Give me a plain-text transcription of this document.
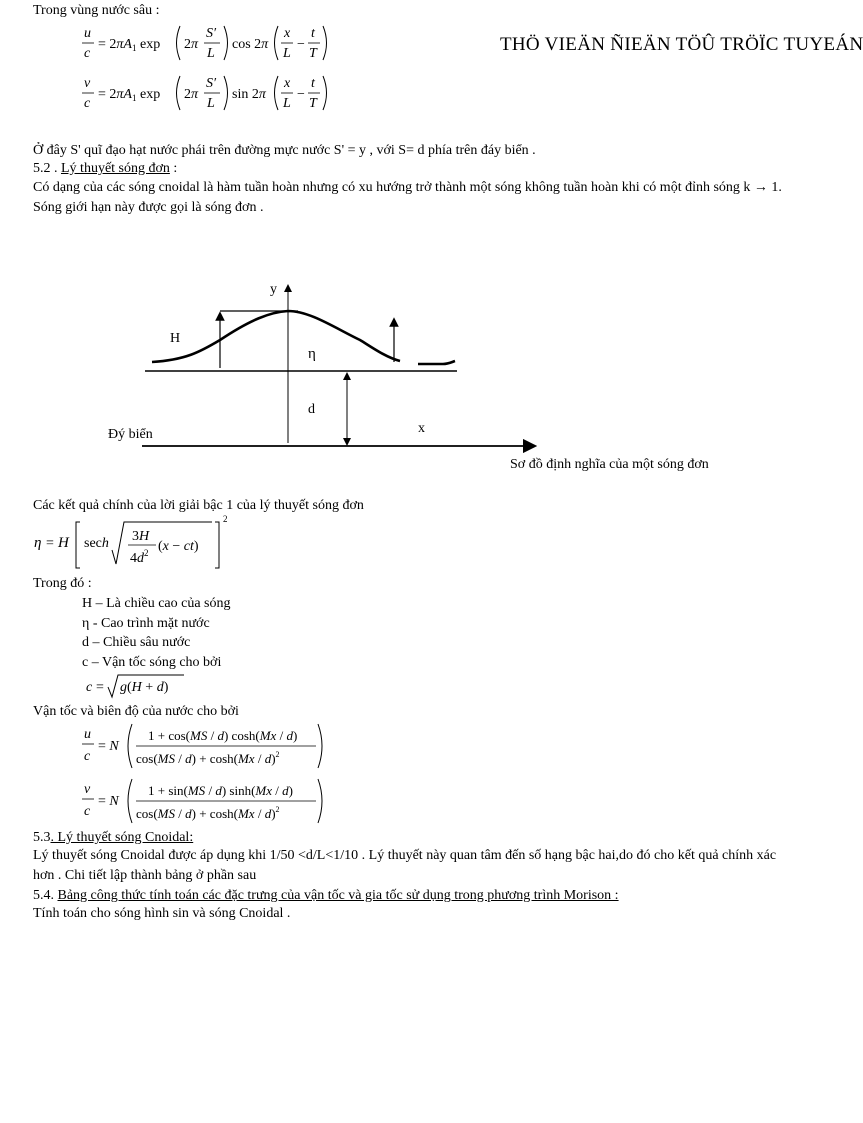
Trong vùng nước sâu :
THÖ VIEÄN ÑIEÄN TÖÛ TRÖÏC TUYEÁN
u
c
= $2\pi A_1$ exp 2π
S′
L
cos 2π
x
L
−
t
T
v
c
= $2\pi A_1$ exp 2π
S′
L
sin 2π
x
L
−
t
T
Ở đây S' quĩ đạo hạt nước phái trên đường mực nước S' = y , với S= d phía trên đáy biển .
5.2 . Lý thuyết sóng đơn :
Có dạng của các sóng cnoidal là hàm tuần hoàn nhưng có xu hướng trở thành một sóng không tuần hoàn khi có một đỉnh sóng k → 1. Sóng giới hạn này được gọi là sóng đơn .
y
H
η
d
x
Đý biển
Sơ đồ định nghĩa của một sóng đơn
Các kết quả chính của lời giải bậc 1 của lý thuyết sóng đơn
η = H sech 3H
$4d^2$ (x − ct)
2
Trong đó :
H – Là chiều cao của sóng
η - Cao trình mặt nước
d – Chiều sâu nước
c – Vận tốc sóng cho bởi
c = g(H + d)
Vận tốc và biên độ của nước cho bởi
u
c
= N
1 + cos(MS / d) cosh(Mx / d)
cos(MS / d) + cosh(Mx / d)$^2$
v
c
= N
1 + sin(MS / d) sinh(Mx / d)
cos(MS / d) + cosh(Mx / d)$^2$
5.3. Lý thuyết sóng Cnoidal:
Lý thuyết sóng Cnoidal được áp dụng khi 1/50 <d/L<1/10 . Lý thuyết này quan tâm đến số hạng bậc hai,do đó cho kết quả chính xác hơn . Chi tiết lập thành bảng ở phần sau
5.4. Bảng công thức tính toán các đặc trưng của vận tốc và gia tốc sử dụng trong phương trình Morison :
Tính toán cho sóng hình sin và sóng Cnoidal .
